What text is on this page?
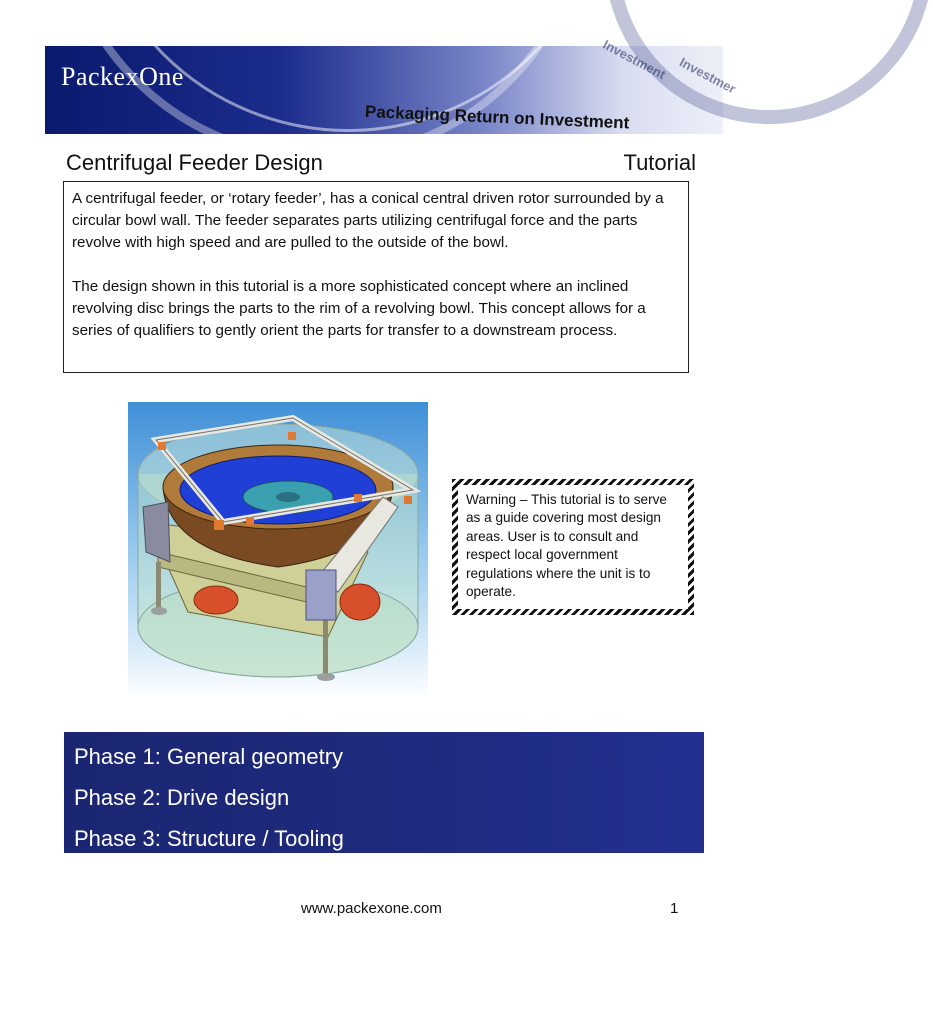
Investment Investmer
PackexOne
Packaging Return on Investment
Centrifugal Feeder Design	Tutorial

A centrifugal feeder, or ‘rotary feeder’, has a conical central driven rotor surrounded by a circular bowl wall. The feeder separates parts utilizing centrifugal force and the parts revolve with high speed and are pulled to the outside of the bowl.

The design shown in this tutorial is a more sophisticated concept where an inclined revolving disc brings the parts to the rim of a revolving bowl. This concept allows for a series of qualifiers to gently orient the parts for transfer to a downstream process.

Warning – This tutorial is to serve as a guide covering most design areas. User is to consult and respect local government regulations where the unit is to operate.
Phase 1: General geometry
Phase 2: Drive design
Phase 3: Structure / Tooling
www.packexone.com	1
